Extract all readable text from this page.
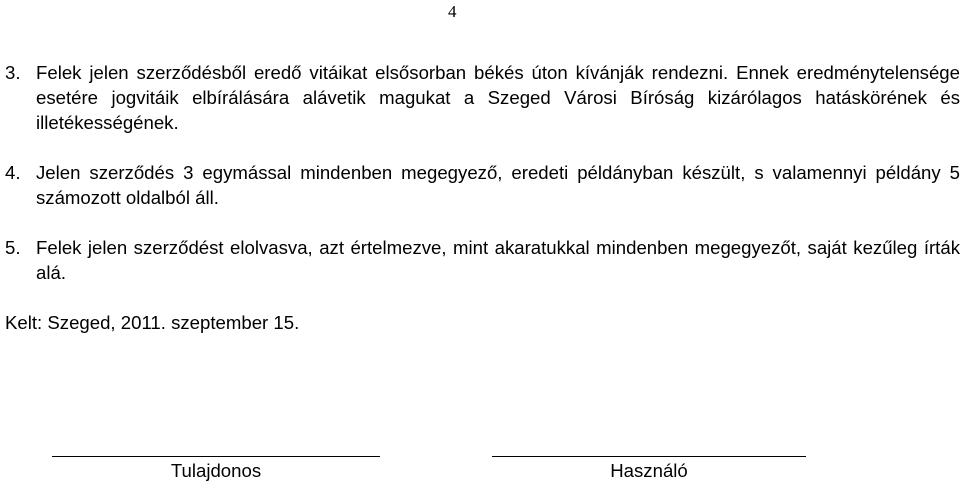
4
3. Felek jelen szerződésből eredő vitáikat elsősorban békés úton kívánják rendezni. Ennek eredménytelensége esetére jogvitáik elbírálására alávetik magukat a Szeged Városi Bíróság kizárólagos hatáskörének és illetékességének.
4. Jelen szerződés 3 egymással mindenben megegyező, eredeti példányban készült, s valamennyi példány 5 számozott oldalból áll.
5. Felek jelen szerződést elolvasva, azt értelmezve, mint akaratukkal mindenben megegyezőt, saját kezűleg írták alá.
Kelt: Szeged, 2011. szeptember 15.
Tulajdonos	Használó
